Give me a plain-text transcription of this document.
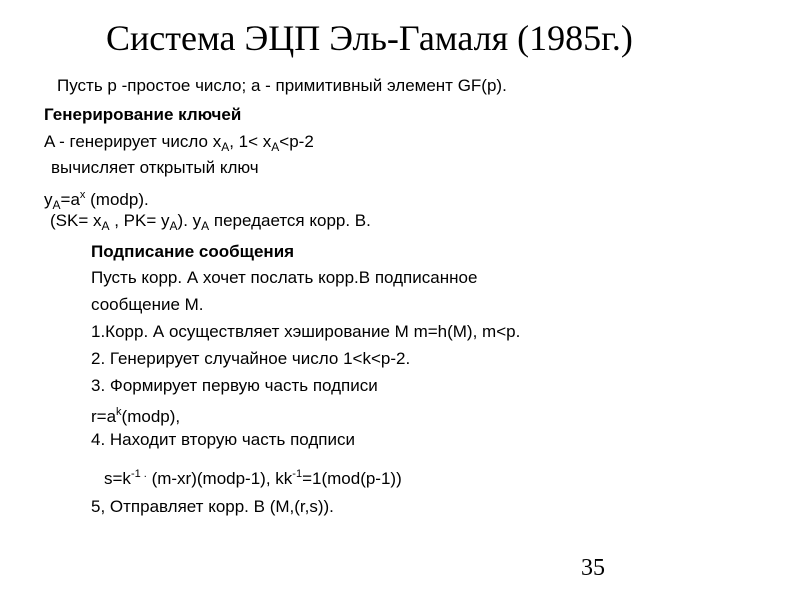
Система ЭЦП Эль-Гамаля (1985г.)
Пусть p -простое число; a - примитивный элемент GF(p).
Генерирование ключей
A - генерирует число $x_A$, $1< x_A<p-2$
вычисляет открытый ключ
$y_A=a^x$ (modp).
($SK= x_A$ , $PK= y_A$). $y_A$ передается корр. В.
Подписание сообщения
Пусть корр. А хочет послать корр.В подписанное
сообщение М.
1.Корр. А осуществляет хэширование М m=h(M), m<p.
2. Генерирует случайное число 1<k<p-2.
3. Формирует первую часть подписи
$r=a^k(modp)$,
4. Находит вторую часть подписи
$s=k^{-1 .}$ (m-xr)(modp-1), $kk^{-1}=1(mod(p-1))$
5, Отправляет корр. В (M,(r,s)).
35
